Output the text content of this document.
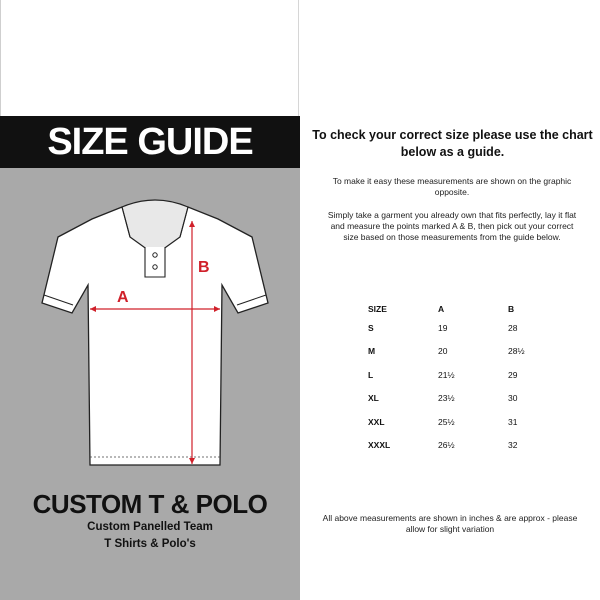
SIZE GUIDE
A
B
CUSTOM T & POLO
Custom Panelled Team
T Shirts & Polo's
To check your correct size please use the chart below as a guide.
To make it easy these measurements are shown on the graphic opposite.
Simply take a garment you already own that fits perfectly, lay it flat and measure the points marked A & B, then pick out your correct size based on those measurements from the guide below.
SIZE	A	B
S	19	28
M	20	28½
L	21½	29
XL	23½	30
XXL	25½	31
XXXL	26½	32
All above measurements are shown in inches & are approx - please allow for slight variation
